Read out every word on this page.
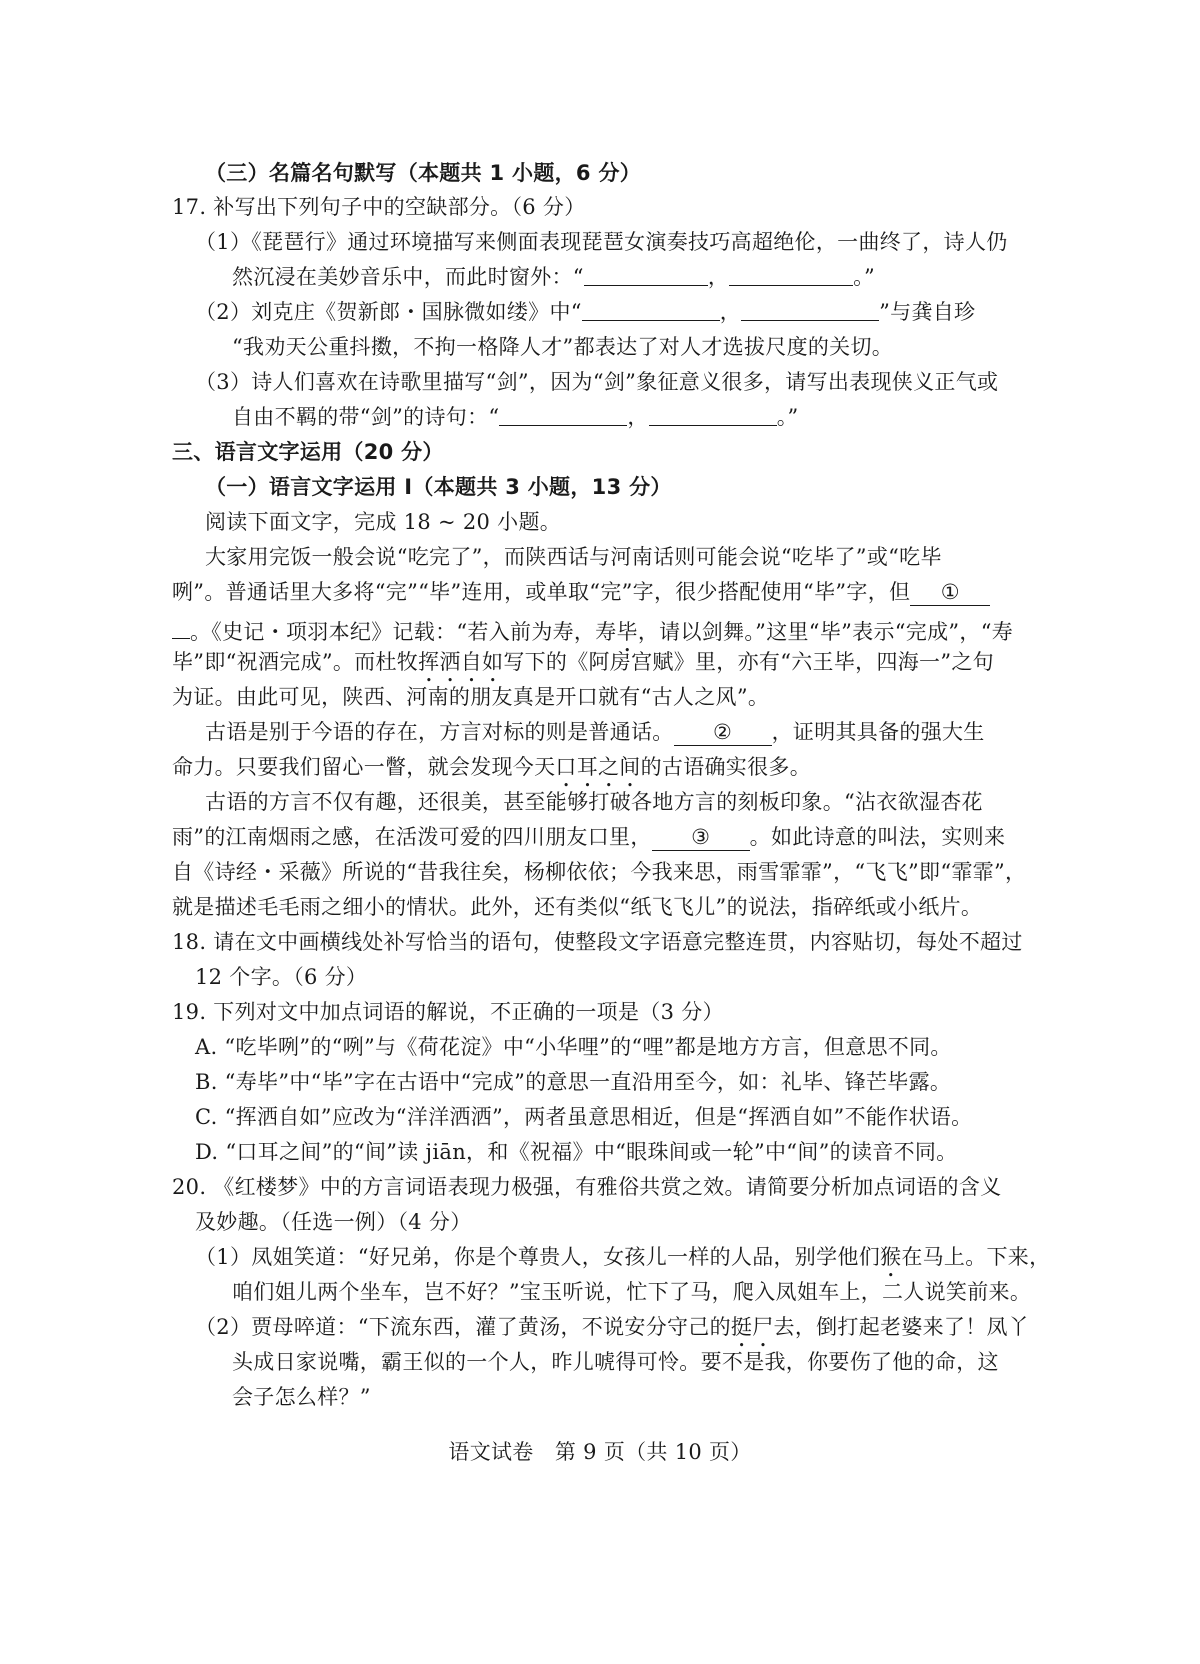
（三）名篇名句默写（本题共 1 小题，6 分）
17. 补写出下列句子中的空缺部分。（6 分）
（1）《琵琶行》通过环境描写来侧面表现琵琶女演奏技巧高超绝伦，一曲终了，诗人仍
然沉浸在美妙音乐中，而此时窗外：“	，	。”
（2）刘克庄《贺新郎・国脉微如缕》中“	，	”与龚自珍
“我劝天公重抖擞，不拘一格降人才”都表达了对人才选拔尺度的关切。
（3）诗人们喜欢在诗歌里描写“剑”，因为“剑”象征意义很多，请写出表现侠义正气或
自由不羁的带“剑”的诗句：“	，	。”
三、语言文字运用（20 分）
（一）语言文字运用 Ⅰ（本题共 3 小题，13 分）
阅读下面文字，完成 18 ~ 20 小题。
大家用完饭一般会说“吃完了”，而陕西话与河南话则可能会说“吃毕了”或“吃毕
咧”。普通话里大多将“完”“毕”连用，或单取“完”字，很少搭配使用“毕”字，但 ①
。《史记・项羽本纪》记载：“若入前为寿，寿毕，请以剑舞。”这里“毕”表示“完成”，“寿
毕”即“祝酒完成”。而杜牧挥洒自如写下的《阿房宫赋》里，亦有“六王毕，四海一”之句
为证。由此可见，陕西、河南的朋友真是开口就有“古人之风”。
古语是别于今语的存在，方言对标的则是普通话。 ② ，证明其具备的强大生
命力。只要我们留心一瞥，就会发现今天口耳之间的古语确实很多。
古语的方言不仅有趣，还很美，甚至能够打破各地方言的刻板印象。“沾衣欲湿杏花
雨”的江南烟雨之感，在活泼可爱的四川朋友口里， ③ 。如此诗意的叫法，实则来
自《诗经・采薇》所说的“昔我往矣，杨柳依依；今我来思，雨雪霏霏”，“飞飞”即“霏霏”，
就是描述毛毛雨之细小的情状。此外，还有类似“纸飞飞儿”的说法，指碎纸或小纸片。
18. 请在文中画横线处补写恰当的语句，使整段文字语意完整连贯，内容贴切，每处不超过
12 个字。（6 分）
19. 下列对文中加点词语的解说，不正确的一项是（3 分）
A. “吃毕咧”的“咧”与《荷花淀》中“小华哩”的“哩”都是地方方言，但意思不同。
B. “寿毕”中“毕”字在古语中“完成”的意思一直沿用至今，如：礼毕、锋芒毕露。
C. “挥洒自如”应改为“洋洋洒洒”，两者虽意思相近，但是“挥洒自如”不能作状语。
D. “口耳之间”的“间”读 jiān，和《祝福》中“眼珠间或一轮”中“间”的读音不同。
20. 《红楼梦》中的方言词语表现力极强，有雅俗共赏之效。请简要分析加点词语的含义
及妙趣。（任选一例）（4 分）
（1）凤姐笑道：“好兄弟，你是个尊贵人，女孩儿一样的人品，别学他们猴在马上。下来，
咱们姐儿两个坐车，岂不好？”宝玉听说，忙下了马，爬入凤姐车上，二人说笑前来。
（2）贾母啐道：“下流东西，灌了黄汤，不说安分守己的挺尸去，倒打起老婆来了！凤丫
头成日家说嘴，霸王似的一个人，昨儿唬得可怜。要不是我，你要伤了他的命，这
会子怎么样？”
语文试卷　第 9 页（共 10 页）
